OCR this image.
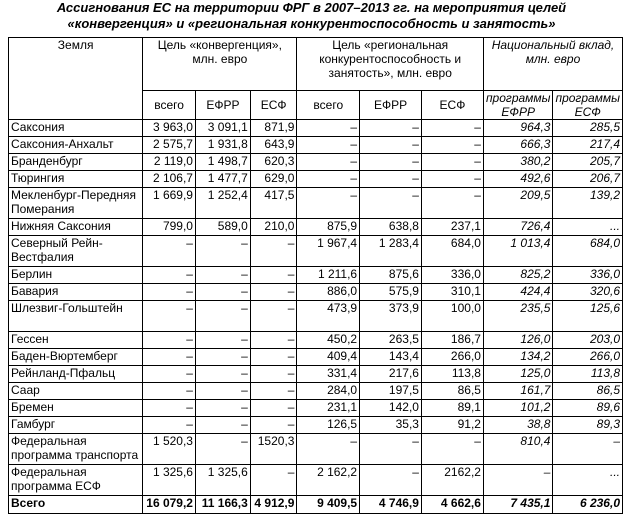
Ассигнования ЕС на территории ФРГ в 2007–2013 гг. на мероприятия целей
«конвергенция» и «региональная конкурентоспособность и занятость»
Земля	Цель «конвергенция», млн. евро			Цель «региональная конкурентоспособность и занятость», млн. евро			Национальный вклад, млн. евро	
	всего	ЕФРР	ЕСФ	всего	ЕФРР	ЕСФ	программы ЕФРР	программы ЕСФ
Саксония	3 963,0	3 091,1	871,9	–	–	–	964,3	285,5
Саксония-Анхальт	2 575,7	1 931,8	643,9	–	–	–	666,3	217,4
Бранденбург	2 119,0	1 498,7	620,3	–	–	–	380,2	205,7
Тюрингия	2 106,7	1 477,7	629,0	–	–	–	492,6	206,7
Мекленбург-Передняя Померания	1 669,9	1 252,4	417,5	–	–	–	209,5	139,2
Нижняя Саксония	799,0	589,0	210,0	875,9	638,8	237,1	726,4	...
Северный Рейн-Вестфалия	–	–	–	1 967,4	1 283,4	684,0	1 013,4	684,0
Берлин	–	–	–	1 211,6	875,6	336,0	825,2	336,0
Бавария	–	–	–	886,0	575,9	310,1	424,4	320,6
Шлезвиг-Гольштейн	–	–	–	473,9	373,9	100,0	235,5	125,6
Гессен	–	–	–	450,2	263,5	186,7	126,0	203,0
Баден-Вюртемберг	–	–	–	409,4	143,4	266,0	134,2	266,0
Рейнланд-Пфальц	–	–	–	331,4	217,6	113,8	125,0	113,8
Саар	–	–	–	284,0	197,5	86,5	161,7	86,5
Бремен	–	–	–	231,1	142,0	89,1	101,2	89,6
Гамбург	–	–	–	126,5	35,3	91,2	38,8	89,3
Федеральная программа транспорта	1 520,3	–	1520,3	–	–	–	810,4	–
Федеральная программа ЕСФ	1 325,6	1 325,6	–	2 162,2	–	2162,2	–	...
Всего	16 079,2	11 166,3	4 912,9	9 409,5	4 746,9	4 662,6	7 435,1	6 236,0
